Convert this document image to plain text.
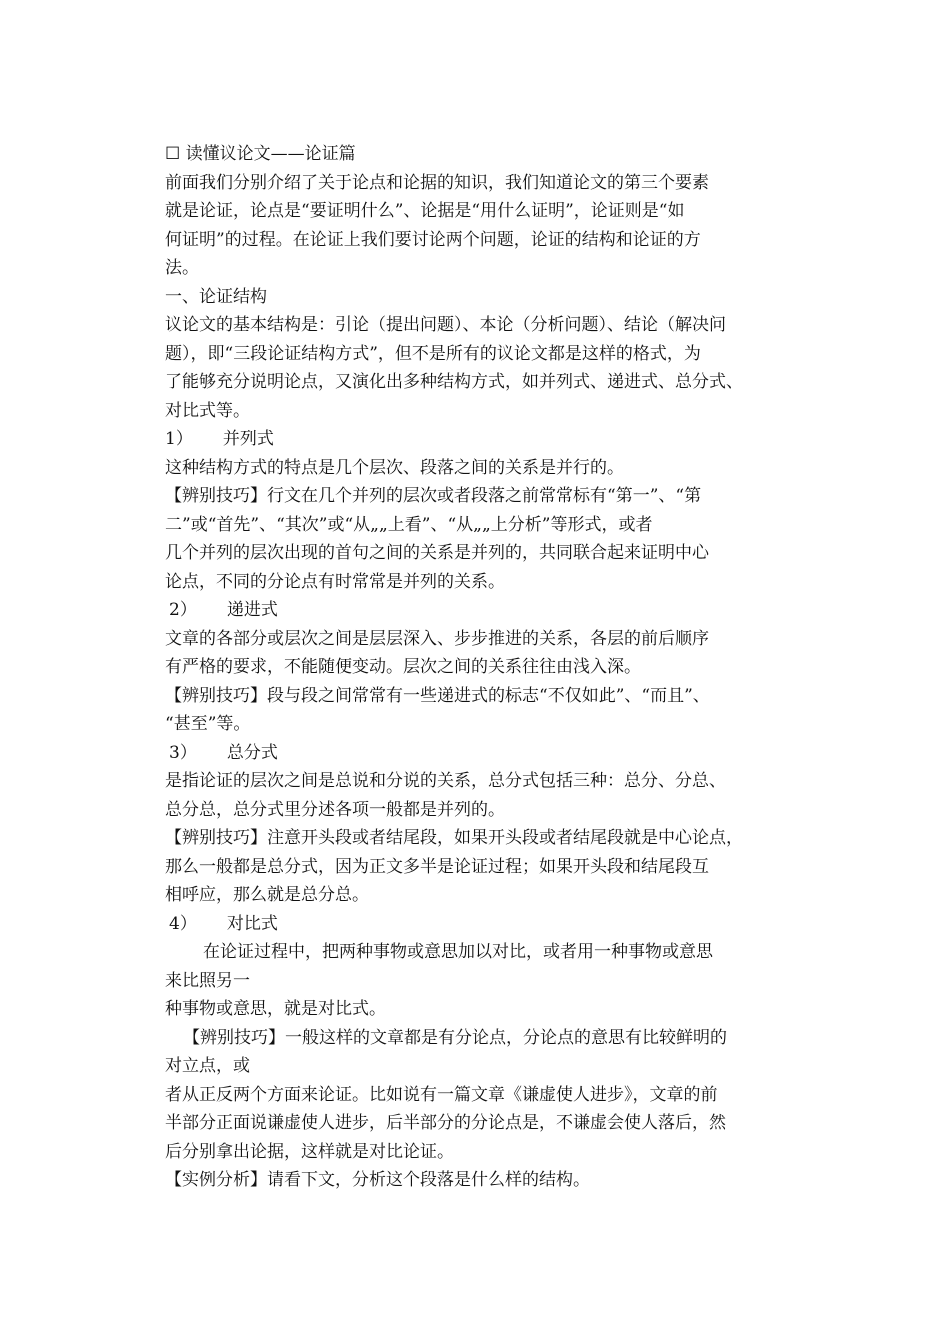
☐ 读懂议论文——论证篇
前面我们分别介绍了关于论点和论据的知识，我们知道论文的第三个要素
就是论证，论点是“要证明什么”、论据是“用什么证明”，论证则是“如
何证明”的过程。在论证上我们要讨论两个问题，论证的结构和论证的方
法。
一、论证结构
议论文的基本结构是：引论（提出问题）、本论（分析问题）、结论（解决问
题），即“三段论证结构方式”，但不是所有的议论文都是这样的格式，为
了能够充分说明论点，又演化出多种结构方式，如并列式、递进式、总分式、
对比式等。
1） 并列式
这种结构方式的特点是几个层次、段落之间的关系是并行的。
【辨别技巧】行文在几个并列的层次或者段落之前常常标有“第一”、“第
二”或“首先”、“其次”或“从„„上看”、“从„„上分析”等形式，或者
几个并列的层次出现的首句之间的关系是并列的，共同联合起来证明中心
论点，不同的分论点有时常常是并列的关系。
2） 递进式
文章的各部分或层次之间是层层深入、步步推进的关系，各层的前后顺序
有严格的要求，不能随便变动。层次之间的关系往往由浅入深。
【辨别技巧】段与段之间常常有一些递进式的标志“不仅如此”、“而且”、
“甚至”等。
3） 总分式
是指论证的层次之间是总说和分说的关系，总分式包括三种：总分、分总、
总分总，总分式里分述各项一般都是并列的。
【辨别技巧】注意开头段或者结尾段，如果开头段或者结尾段就是中心论点，
那么一般都是总分式，因为正文多半是论证过程；如果开头段和结尾段互
相呼应，那么就是总分总。
4） 对比式
在论证过程中，把两种事物或意思加以对比，或者用一种事物或意思
来比照另一
种事物或意思，就是对比式。
【辨别技巧】一般这样的文章都是有分论点，分论点的意思有比较鲜明的
对立点，或
者从正反两个方面来论证。比如说有一篇文章《谦虚使人进步》，文章的前
半部分正面说谦虚使人进步，后半部分的分论点是，不谦虚会使人落后，然
后分别拿出论据，这样就是对比论证。
【实例分析】请看下文，分析这个段落是什么样的结构。
